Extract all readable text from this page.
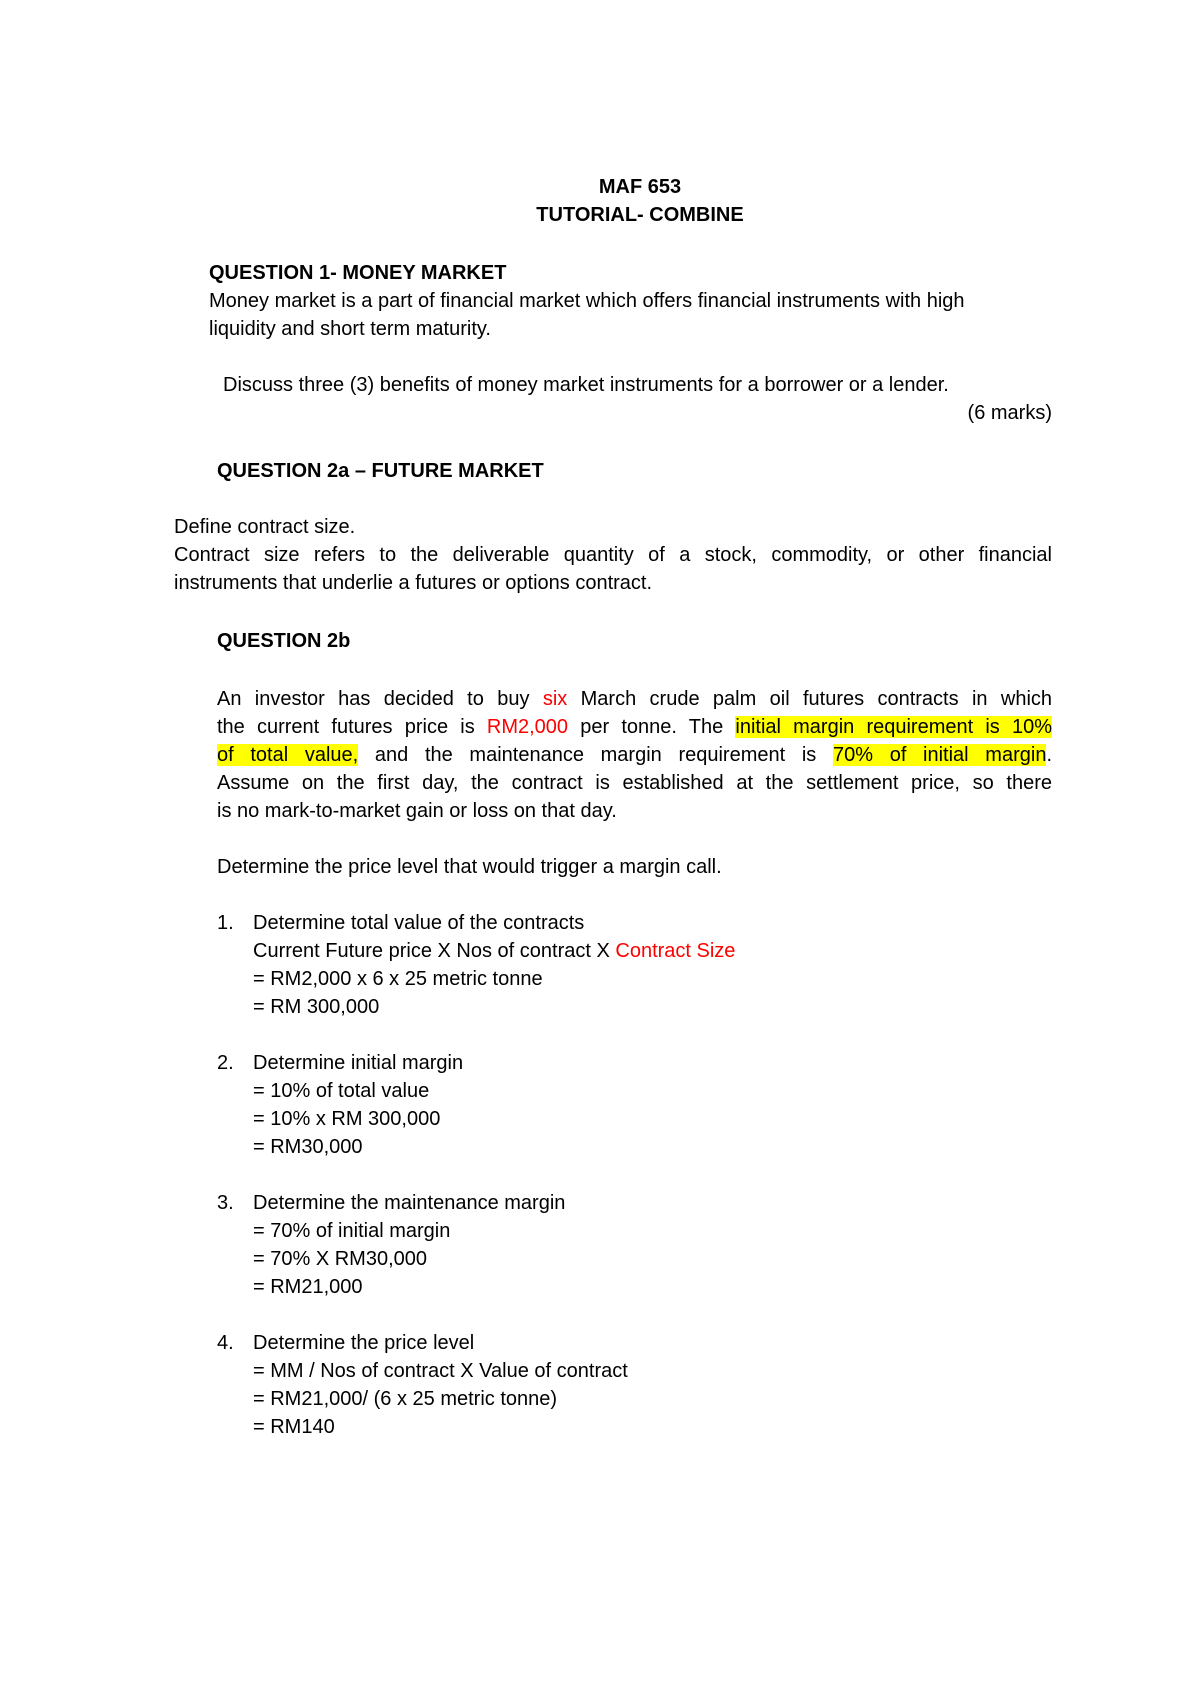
MAF 653
TUTORIAL- COMBINE
QUESTION 1- MONEY MARKET
Money market is a part of financial market which offers financial instruments with high
liquidity and short term maturity.
Discuss three (3) benefits of money market instruments for a borrower or a lender.
(6 marks)
QUESTION 2a – FUTURE MARKET
Define contract size.
Contract size refers to the deliverable quantity of a stock, commodity, or other financial
instruments that underlie a futures or options contract.
QUESTION 2b
An investor has decided to buy six March crude palm oil futures contracts in which
the current futures price is RM2,000 per tonne. The initial margin requirement is 10%
of total value, and the maintenance margin requirement is 70% of initial margin.
Assume on the first day, the contract is established at the settlement price, so there
is no mark-to-market gain or loss on that day.
Determine the price level that would trigger a margin call.
1. Determine total value of the contracts
Current Future price X Nos of contract X Contract Size
= RM2,000 x 6 x 25 metric tonne
= RM 300,000
2. Determine initial margin
= 10% of total value
= 10% x RM 300,000
= RM30,000
3. Determine the maintenance margin
= 70% of initial margin
= 70% X RM30,000
= RM21,000
4. Determine the price level
= MM / Nos of contract X Value of contract
= RM21,000/ (6 x 25 metric tonne)
= RM140
